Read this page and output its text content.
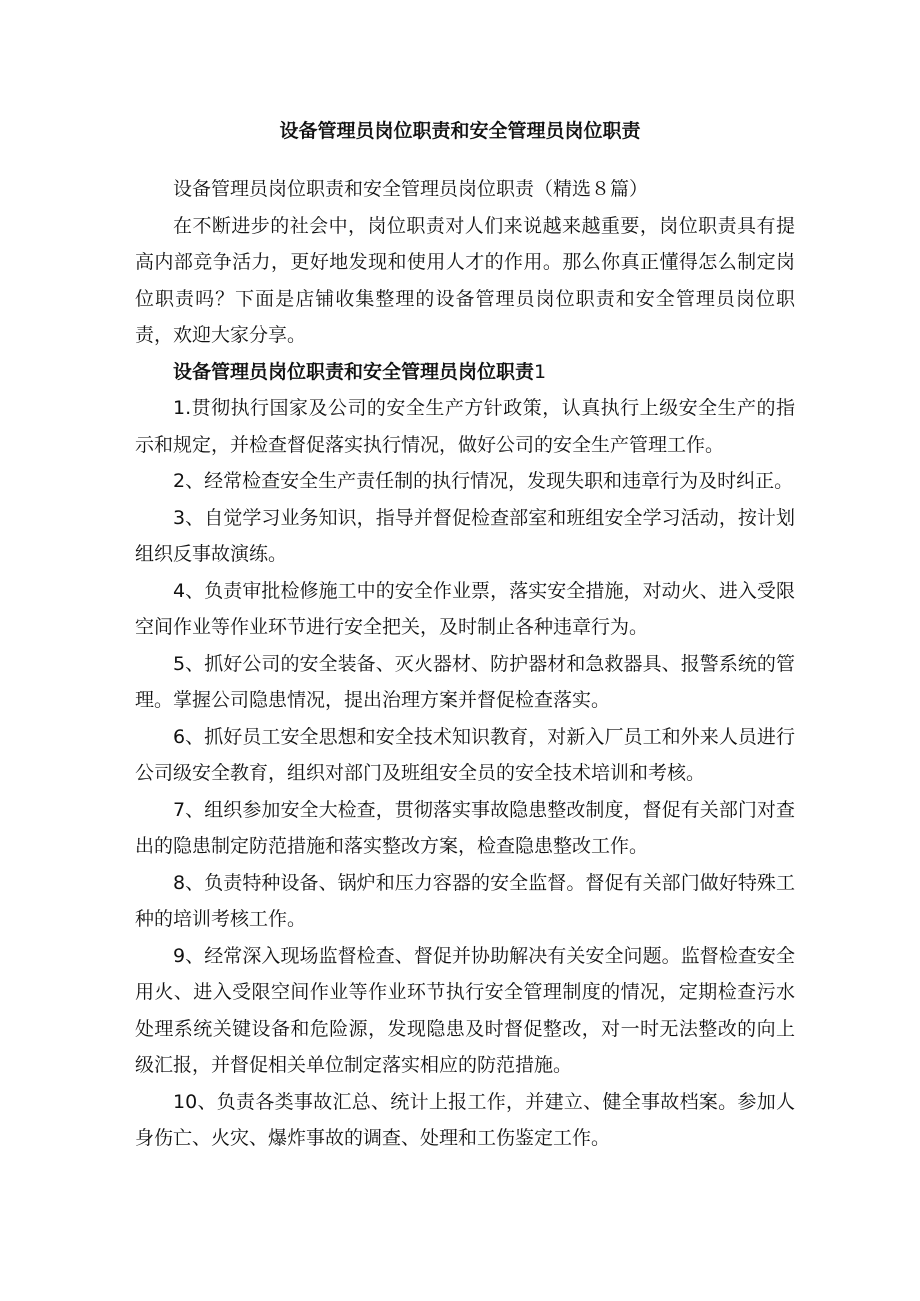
设备管理员岗位职责和安全管理员岗位职责

设备管理员岗位职责和安全管理员岗位职责（精选８篇）

在不断进步的社会中，岗位职责对人们来说越来越重要，岗位职责具有提高内部竞争活力，更好地发现和使用人才的作用。那么你真正懂得怎么制定岗位职责吗？下面是店铺收集整理的设备管理员岗位职责和安全管理员岗位职责，欢迎大家分享。

设备管理员岗位职责和安全管理员岗位职责1

1.贯彻执行国家及公司的安全生产方针政策，认真执行上级安全生产的指示和规定，并检查督促落实执行情况，做好公司的安全生产管理工作。

2、经常检查安全生产责任制的执行情况，发现失职和违章行为及时纠正。

3、自觉学习业务知识，指导并督促检查部室和班组安全学习活动，按计划组织反事故演练。

4、负责审批检修施工中的安全作业票，落实安全措施，对动火、进入受限空间作业等作业环节进行安全把关，及时制止各种违章行为。

5、抓好公司的安全装备、灭火器材、防护器材和急救器具、报警系统的管理。掌握公司隐患情况，提出治理方案并督促检查落实。

6、抓好员工安全思想和安全技术知识教育，对新入厂员工和外来人员进行公司级安全教育，组织对部门及班组安全员的安全技术培训和考核。

7、组织参加安全大检查，贯彻落实事故隐患整改制度，督促有关部门对查出的隐患制定防范措施和落实整改方案，检查隐患整改工作。

8、负责特种设备、锅炉和压力容器的安全监督。督促有关部门做好特殊工种的培训考核工作。

9、经常深入现场监督检查、督促并协助解决有关安全问题。监督检查安全用火、进入受限空间作业等作业环节执行安全管理制度的情况，定期检查污水处理系统关键设备和危险源，发现隐患及时督促整改，对一时无法整改的向上级汇报，并督促相关单位制定落实相应的防范措施。

10、负责各类事故汇总、统计上报工作，并建立、健全事故档案。参加人身伤亡、火灾、爆炸事故的调查、处理和工伤鉴定工作。
